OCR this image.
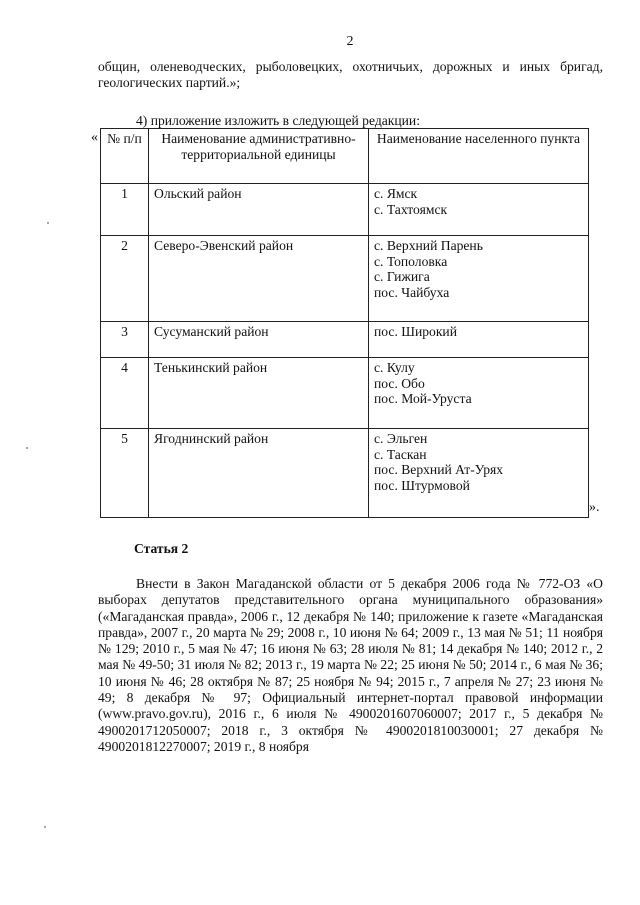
2
общин, оленеводческих, рыболовецких, охотничьих, дорожных и иных бригад, геологических партий.»;
4) приложение изложить в следующей редакции:
« № п/п	Наименование административно-территориальной единицы	Наименование населенного пункта
1	Ольский район	с. Ямск
с. Тахтоямск

2	Северо-Эвенский район	с. Верхний Парень
с. Тополовка
с. Гижига
пос. Чайбуха

3	Сусуманский район	пос. Широкий

4	Тенькинский район	с. Кулу
пос. Обо
пос. Мой-Уруста

5	Ягоднинский район	с. Эльген
с. Таскан
пос. Верхний Ат-Урях
пос. Штурмовой
».
Статья 2
Внести в Закон Магаданской области от 5 декабря 2006 года № 772-ОЗ «О выборах депутатов представительного органа муниципального образования» («Магаданская правда», 2006 г., 12 декабря № 140; приложение к газете «Магаданская правда», 2007 г., 20 марта № 29; 2008 г., 10 июня № 64; 2009 г., 13 мая № 51; 11 ноября № 129; 2010 г., 5 мая № 47; 16 июня № 63; 28 июля № 81; 14 декабря № 140; 2012 г., 2 мая № 49-50; 31 июля № 82; 2013 г., 19 марта № 22; 25 июня № 50; 2014 г., 6 мая № 36; 10 июня № 46; 28 октября № 87; 25 ноября № 94; 2015 г., 7 апреля № 27; 23 июня № 49; 8 декабря № 97; Официальный интернет-портал правовой информации (www.pravo.gov.ru), 2016 г., 6 июля № 4900201607060007; 2017 г., 5 декабря № 4900201712050007; 2018 г., 3 октября № 4900201810030001; 27 декабря № 4900201812270007; 2019 г., 8 ноября
